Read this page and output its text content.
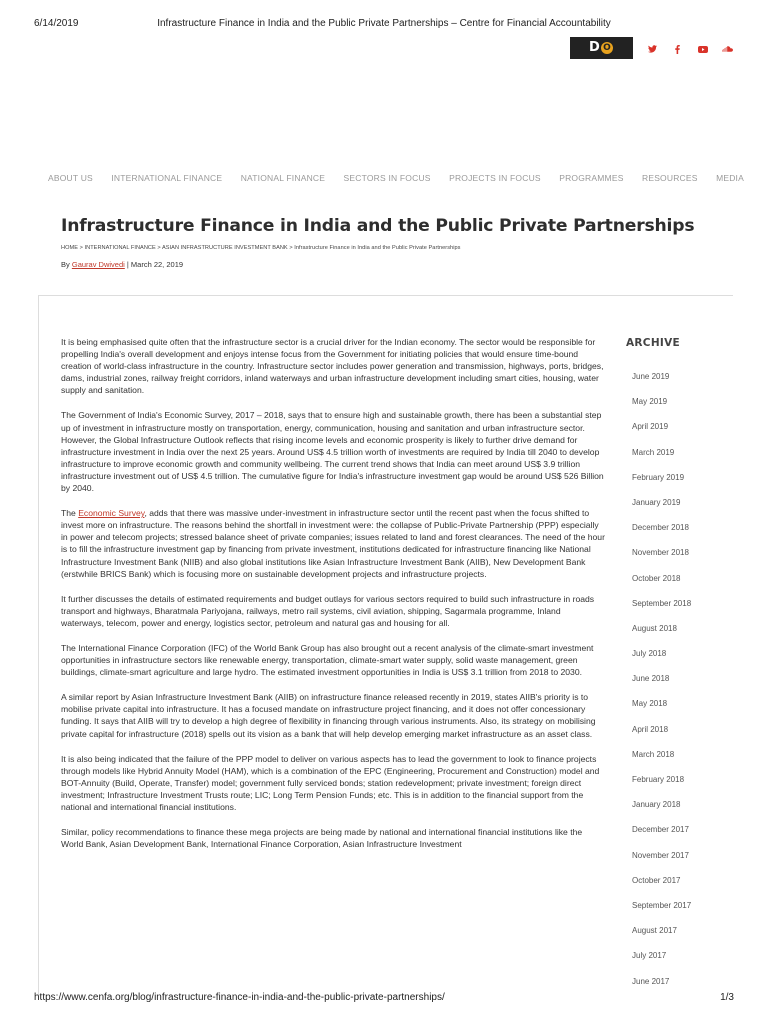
6/14/2019	Infrastructure Finance in India and the Public Private Partnerships – Centre for Financial Accountability
D ONATE
ABOUT US INTERNATIONAL FINANCE NATIONAL FINANCE SECTORS IN FOCUS PROJECTS IN FOCUS PROGRAMMES RESOURCES MEDIA
Infrastructure Finance in India and the Public Private Partnerships
HOME > INTERNATIONAL FINANCE > ASIAN INFRASTRUCTURE INVESTMENT BANK > Infrastructure Finance in India and the Public Private Partnerships
By Gaurav Dwivedi | March 22, 2019

It is being emphasised quite often that the infrastructure sector is a crucial driver for the Indian economy. The sector would be responsible for propelling India's overall development and enjoys intense focus from the Government for initiating policies that would ensure time-bound creation of world-class infrastructure in the country. Infrastructure sector includes power generation and transmission, highways, ports, bridges, dams, industrial zones, railway freight corridors, inland waterways and urban infrastructure development including smart cities, housing, water supply and sanitation.

The Government of India's Economic Survey, 2017 – 2018, says that to ensure high and sustainable growth, there has been a substantial step up of investment in infrastructure mostly on transportation, energy, communication, housing and sanitation and urban infrastructure sector. However, the Global Infrastructure Outlook reflects that rising income levels and economic prosperity is likely to further drive demand for infrastructure investment in India over the next 25 years. Around US$ 4.5 trillion worth of investments are required by India till 2040 to develop infrastructure to improve economic growth and community wellbeing. The current trend shows that India can meet around US$ 3.9 trillion infrastructure investment out of US$ 4.5 trillion. The cumulative figure for India's infrastructure investment gap would be around US$ 526 Billion by 2040.

The Economic Survey, adds that there was massive under-investment in infrastructure sector until the recent past when the focus shifted to invest more on infrastructure. The reasons behind the shortfall in investment were: the collapse of Public-Private Partnership (PPP) especially in power and telecom projects; stressed balance sheet of private companies; issues related to land and forest clearances. The need of the hour is to fill the infrastructure investment gap by financing from private investment, institutions dedicated for infrastructure financing like National Infrastructure Investment Bank (NIIB) and also global institutions like Asian Infrastructure Investment Bank (AIIB), New Development Bank (erstwhile BRICS Bank) which is focusing more on sustainable development projects and infrastructure projects.

It further discusses the details of estimated requirements and budget outlays for various sectors required to build such infrastructure in roads transport and highways, Bharatmala Pariyojana, railways, metro rail systems, civil aviation, shipping, Sagarmala programme, Inland waterways, telecom, power and energy, logistics sector, petroleum and natural gas and housing for all.

The International Finance Corporation (IFC) of the World Bank Group has also brought out a recent analysis of the climate-smart investment opportunities in infrastructure sectors like renewable energy, transportation, climate-smart water supply, solid waste management, green buildings, climate-smart agriculture and large hydro. The estimated investment opportunities in India is US$ 3.1 trillion from 2018 to 2030.

A similar report by Asian Infrastructure Investment Bank (AIIB) on infrastructure finance released recently in 2019, states AIIB's priority is to mobilise private capital into infrastructure. It has a focused mandate on infrastructure project financing, and it does not offer concessionary funding. It says that AIIB will try to develop a high degree of flexibility in financing through various instruments. Also, its strategy on mobilising private capital for infrastructure (2018) spells out its vision as a bank that will help develop emerging market infrastructure as an asset class.

It is also being indicated that the failure of the PPP model to deliver on various aspects has to lead the government to look to finance projects through models like Hybrid Annuity Model (HAM), which is a combination of the EPC (Engineering, Procurement and Construction) model and BOT-Annuity (Build, Operate, Transfer) model; government fully serviced bonds; station redevelopment; private investment; foreign direct investment; Infrastructure Investment Trusts route; LIC; Long Term Pension Funds; etc. This is in addition to the financial support from the national and international financial institutions.

Similar, policy recommendations to finance these mega projects are being made by national and international financial institutions like the World Bank, Asian Development Bank, International Finance Corporation, Asian Infrastructure Investment

ARCHIVE
June 2019
May 2019
April 2019
March 2019
February 2019
January 2019
December 2018
November 2018
October 2018
September 2018
August 2018
July 2018
June 2018
May 2018
April 2018
March 2018
February 2018
January 2018
December 2017
November 2017
October 2017
September 2017
August 2017
July 2017
June 2017
https://www.cenfa.org/blog/infrastructure-finance-in-india-and-the-public-private-partnerships/	1/3
